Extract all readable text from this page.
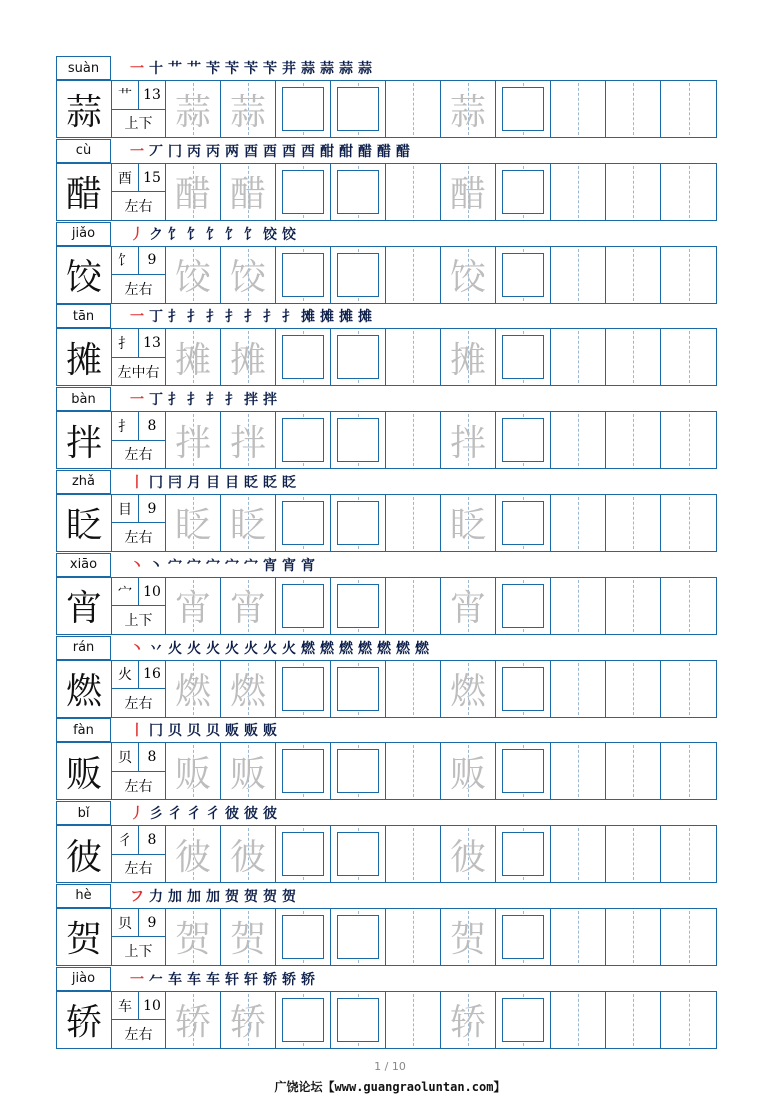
suàn	一 十 艹 艹 苄 苄 苄 苄 茾 蒜 蒜 蒜 蒜
蒜	艹 13
上下 蒜 蒜	蒜
cù	一 丆 冂 丙 丙 两 酉 酉 酉 酉 酣 酣 醋 醋 醋
醋	酉 15
左右 醋 醋	醋
jiǎo	丿 ク 饣 饣 饣 饣 饣 饺 饺
饺	饣	9
左右 饺 饺	饺
tān	一 丁 扌 扌 扌 扌 扌 扌 扌 摊 摊 摊 摊
摊	扌 13
左中右 摊 摊	摊
bàn	一 丁 扌 扌 扌 扌 拌 拌
拌	扌	8
左右 拌 拌	拌
zhǎ	丨 冂 冃 月 目 目 眨 眨 眨
眨	目	9
左右 眨 眨	眨
xiāo	丶 丶 宀 宀 宀 宀 宀 宵 宵 宵
宵	宀 10
上下 宵 宵	宵
rán	丶 丷 火 火 火 火 火 火 火 燃 燃 燃 燃 燃 燃 燃
燃	火 16
左右 燃 燃	燃
fàn	丨 冂 贝 贝 贝 贩 贩 贩
贩	贝	8
左右 贩 贩	贩
bǐ	丿 彡 彳 彳 彳 彼 彼 彼
彼	彳	8
左右 彼 彼	彼
hè	フ 力 加 加 加 贺 贺 贺 贺
贺	贝	9
上下 贺 贺	贺
jiào	一 𠂉 车 车 车 轩 轩 轿 轿 轿
轿	车 10
左右 轿 轿	轿
1 / 10
广饶论坛【www.guangraoluntan.com】
